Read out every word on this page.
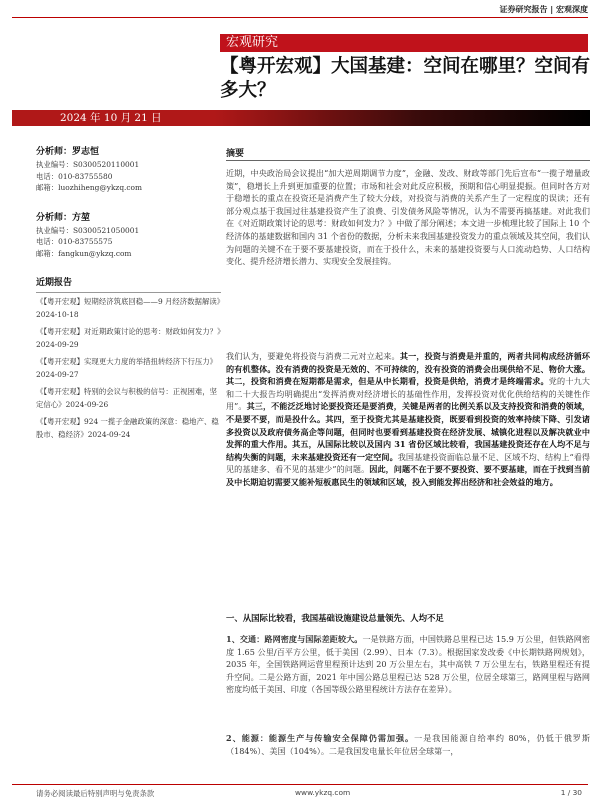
证券研究报告 | 宏观深度
宏观研究
【粤开宏观】大国基建：空间在哪里？空间有多大？
2024 年 10 月 21 日
分析师：罗志恒
执业编号：S0300520110001
电话：010-83755580
邮箱：luozhiheng@ykzq.com
分析师：方堃
执业编号：S0300521050001
电话：010-83755575
邮箱：fangkun@ykzq.com
近期报告
《【粤开宏观】短期经济筑底回稳——9 月经济数据解读》2024-10-18
《【粤开宏观】对近期政策讨论的思考：财政如何发力？》2024-09-29
《【粤开宏观】实现更大力度的举措扭转经济下行压力》2024-09-27
《【粤开宏观】特别的会议与积极的信号：正视困难，坚定信心》2024-09-26
《【粤开宏观】924 一揽子金融政策的深意：稳地产、稳股市、稳经济》2024-09-24
摘要

近期，中央政治局会议提出“加大逆周期调节力度”，金融、发改、财政等部门先后宣布“一揽子增量政策”，稳增长上升到更加重要的位置；市场和社会对此反应积极，预期和信心明显提振。但同时各方对于稳增长的重点在投资还是消费产生了较大分歧，对投资与消费的关系产生了一定程度的误读；还有部分观点基于我国过往基建投资产生了浪费、引发债务风险等情况，认为不需要再搞基建。对此我们在《对近期政策讨论的思考：财政如何发力？》中做了部分阐述；本文进一步梳理比较了国际上 10 个经济体的基建数据和国内 31 个省份的数据，分析未来我国基建投资发力的重点领域及其空间，我们认为问题的关键不在于要不要基建投资，而在于投什么，未来的基建投资要与人口流动趋势、人口结构变化、提升经济增长潜力、实现安全发展挂钩。

我们认为，要避免将投资与消费二元对立起来。其一，投资与消费是并重的，两者共同构成经济循环的有机整体。没有消费的投资是无效的、不可持续的，没有投资的消费会出现供给不足、物价大涨。其二，投资和消费在短期都是需求，但是从中长期看，投资是供给，消费才是终端需求。党的十九大和二十大报告均明确提出“发挥消费对经济增长的基础性作用，发挥投资对优化供给结构的关键性作用”。其三，不能泛泛地讨论要投资还是要消费，关键是两者的比例关系以及支持投资和消费的领域，不是要不要，而是投什么。其四，至于投资尤其是基建投资，既要看到投资的效率持续下降、引发诸多投资以及政府债务高企等问题，但同时也要看到基建投资在经济发展、城镇化进程以及解决就业中发挥的重大作用。其五，从国际比较以及国内 31 省份区域比较看，我国基建投资还存在人均不足与结构失衡的问题，未来基建投资还有一定空间。我国基建投资面临总量不足、区域不均、结构上“看得见的基建多、看不见的基建少”的问题。因此，问题不在于要不要投资、要不要基建，而在于找到当前及中长期迫切需要又能补短板惠民生的领域和区域，投入到能发挥出经济和社会效益的地方。

一、从国际比较看，我国基础设施建设总量领先、人均不足

1、交通：路网密度与国际差距较大。一是铁路方面，中国铁路总里程已达 15.9 万公里，但铁路网密度 1.65 公里/百平方公里，低于美国（2.99）、日本（7.3）。根据国家发改委《中长期铁路网规划》，2035 年，全国铁路网运营里程预计达到 20 万公里左右，其中高铁 7 万公里左右，铁路里程还有提升空间。二是公路方面，2021 年中国公路总里程已达 528 万公里，位居全球第三，路网里程与路网密度均低于美国、印度（各国等级公路里程统计方法存在差异）。

2、能源：能源生产与传输安全保障仍需加强。一是我国能源自给率约 80%，仍低于俄罗斯（184%）、美国（104%）。二是我国发电量长年位居全球第一，

请务必阅读最后特别声明与免责条款	www.ykzq.com	1 / 30
